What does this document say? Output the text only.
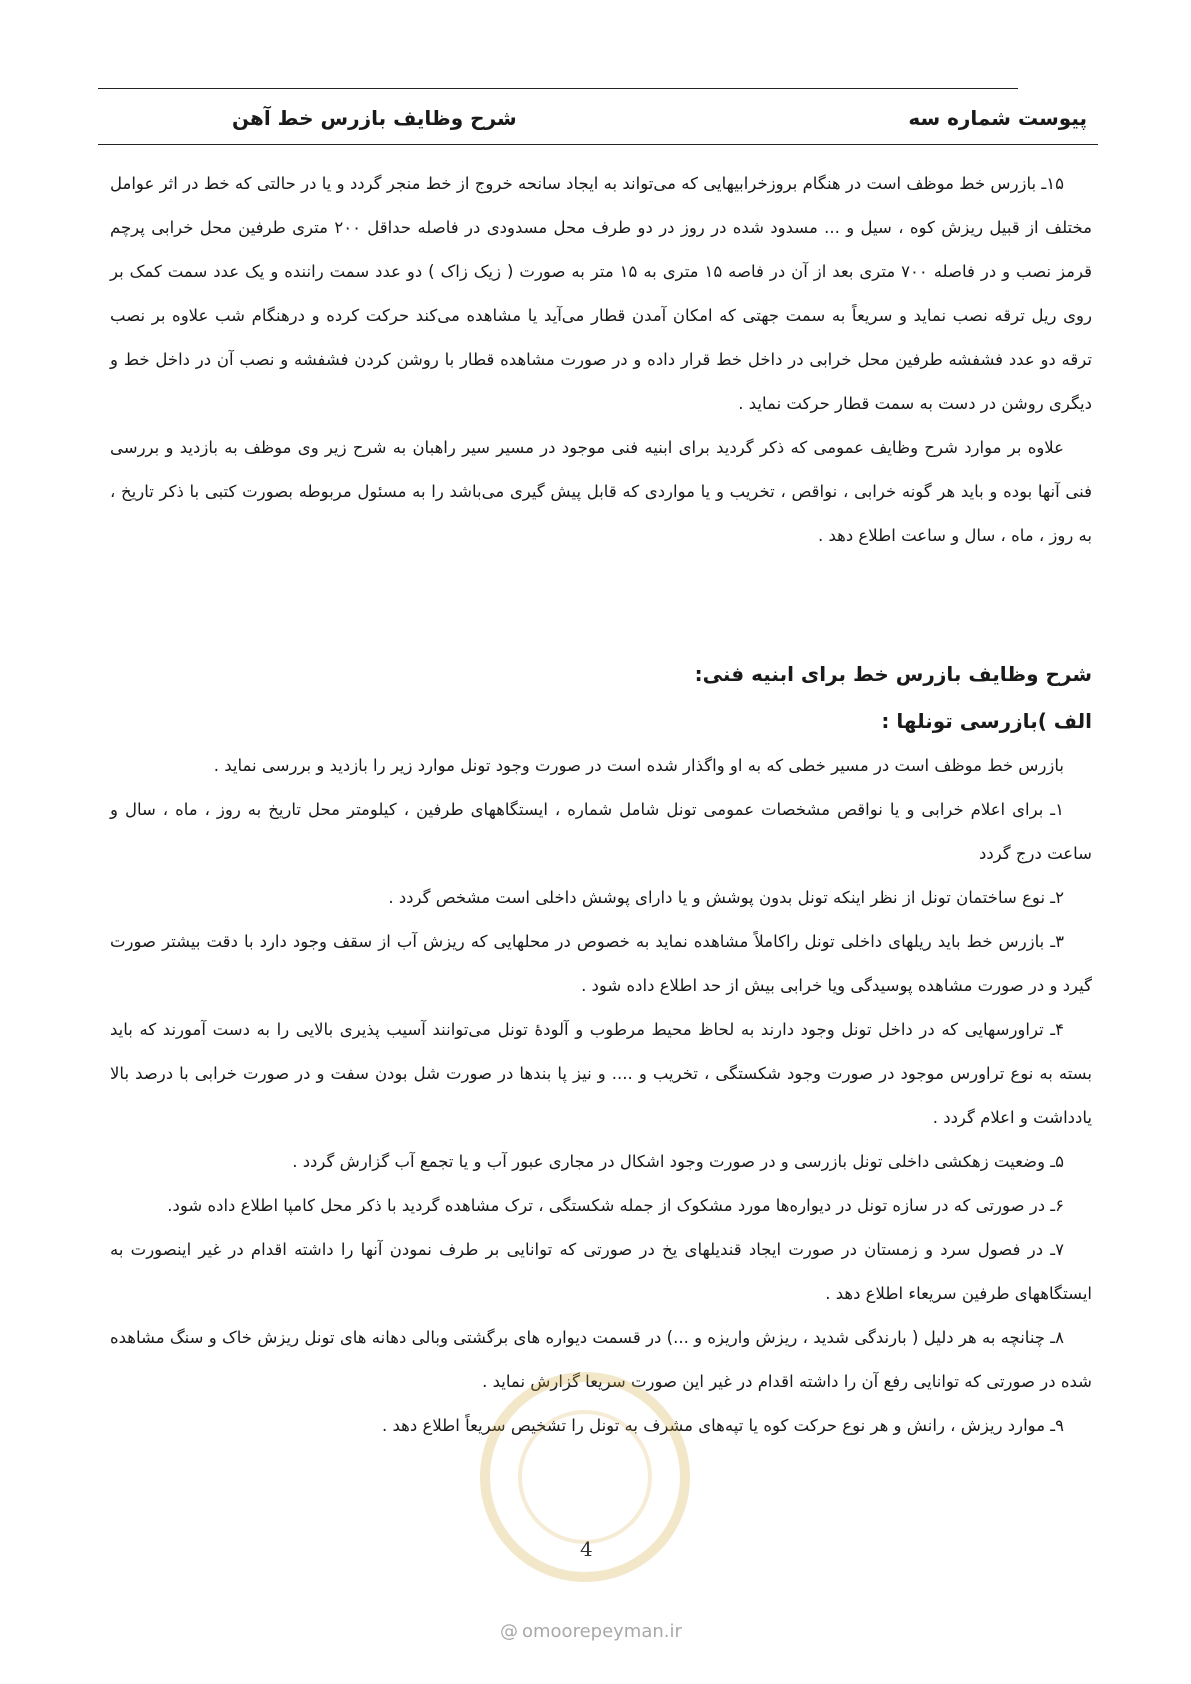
پیوست شماره سه
شرح وظایف بازرس خط آهن

۱۵ـ بازرس خط موظف است در هنگام بروزخرابیهایی که می‌تواند به ایجاد سانحه خروج از خط منجر گردد و یا در حالتی که خط در اثر عوامل مختلف از قبیل ریزش کوه ، سیل و ... مسدود شده در روز در دو طرف محل مسدودی در فاصله حداقل ۲۰۰ متری طرفین محل خرابی پرچم قرمز نصب و در فاصله ۷۰۰ متری بعد از آن در فاصه ۱۵ متری به ۱۵ متر به صورت ( زیک زاک ) دو عدد سمت راننده و یک عدد سمت کمک بر روی ریل ترقه نصب نماید و سریعاً به سمت جهتی که امکان آمدن قطار می‌آید یا مشاهده می‌کند حرکت کرده و درهنگام شب علاوه بر نصب ترقه دو عدد فشفشه طرفین محل خرابی در داخل خط قرار داده و در صورت مشاهده قطار با روشن کردن فشفشه و نصب آن در داخل خط و دیگری روشن در دست به سمت قطار حرکت نماید .

علاوه بر موارد شرح وظایف عمومی که ذکر گردید برای ابنیه فنی موجود در مسیر سیر راهبان به شرح زیر وی موظف به بازدید و بررسی فنی آنها بوده و باید هر گونه خرابی ، نواقص ، تخریب و یا مواردی که قابل پیش گیری می‌باشد را به مسئول مربوطه بصورت کتبی با ذکر تاریخ ، به روز ، ماه ، سال و ساعت اطلاع دهد .

شرح وظایف بازرس خط برای ابنیه فنی:

الف )بازرسی تونلها :

بازرس خط موظف است در مسیر خطی که به او واگذار شده است در صورت وجود تونل موارد زیر را بازدید و بررسی نماید .

۱ـ برای اعلام خرابی و یا نواقص مشخصات عمومی تونل شامل شماره ، ایستگاههای طرفین ، کیلومتر محل تاریخ به روز ، ماه ، سال و ساعت درج گردد

۲ـ نوع ساختمان تونل از نظر اینکه تونل بدون پوشش و یا دارای پوشش داخلی است مشخص گردد .

۳ـ بازرس خط باید ریلهای داخلی تونل راکاملاً مشاهده نماید به خصوص در محلهایی که ریزش آب از سقف وجود دارد با دقت بیشتر صورت گیرد و در صورت مشاهده پوسیدگی ویا خرابی بیش از حد اطلاع داده شود .

۴ـ تراورسهایی که در داخل تونل وجود دارند به لحاظ محیط مرطوب و آلودهٔ تونل می‌توانند آسیب پذیری بالایی را به دست آمورند که باید بسته به نوع تراورس موجود در صورت وجود شکستگی ، تخریب و .... و نیز پا بندها در صورت شل بودن سفت و در صورت خرابی با درصد بالا یادداشت و اعلام گردد .

۵ـ وضعیت زهکشی داخلی تونل بازرسی و در صورت وجود اشکال در مجاری عبور آب و یا تجمع آب گزارش گردد .

۶ـ در صورتی که در سازه تونل در دیواره‌ها مورد مشکوک از جمله شکستگی ، ترک مشاهده گردید با ذکر محل کامپا اطلاع داده شود.

۷ـ در فصول سرد و زمستان در صورت ایجاد قندیلهای یخ در صورتی که توانایی بر طرف نمودن آنها را داشته اقدام در غیر اینصورت به ایستگاههای طرفین سریعاء اطلاع دهد .

۸ـ چنانچه به هر دلیل ( بارندگی شدید ، ریزش واریزه و ...) در قسمت دیواره های برگشتی وبالی دهانه های تونل ریزش خاک و سنگ مشاهده شده در صورتی که توانایی رفع آن را داشته اقدام در غیر این صورت سریعا گزارش نماید .

۹ـ موارد ریزش ، رانش و هر نوع حرکت کوه یا تپه‌های مشرف به تونل را تشخیص سریعاً اطلاع دهد .

4
@ omoorepeyman.ir
